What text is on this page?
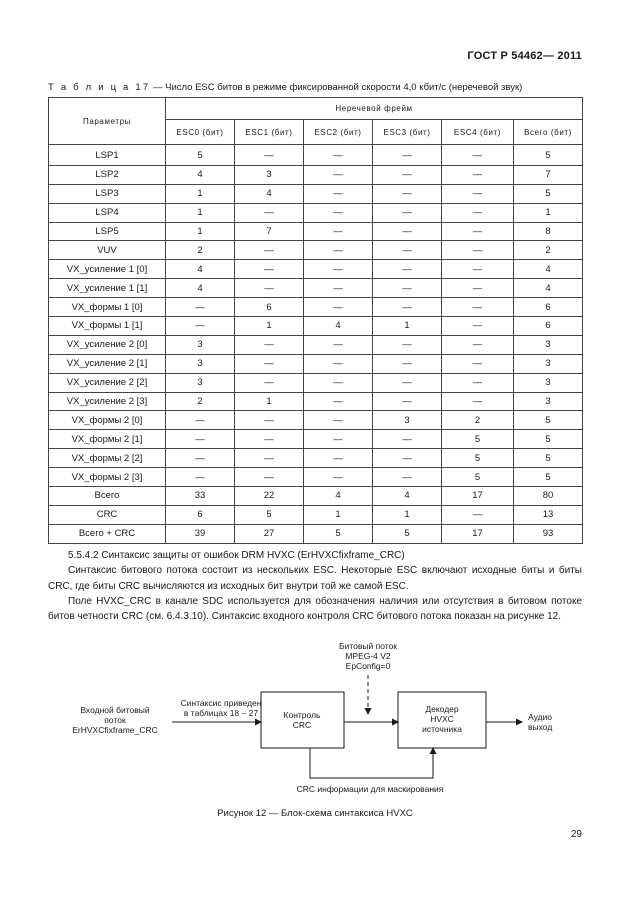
ГОСТ Р 54462— 2011
Т а б л и ц а 17 — Число ESC битов в режиме фиксированной скорости 4,0 кбит/с (неречевой звук)
Параметры	Неречевой фрейм					
	ESC0 (бит)	ESC1 (бит)	ESC2 (бит)	ESC3 (бит)	ESC4 (бит)	Всего (бит)
LSP1	5	—	—	—	—	5
LSP2	4	3	—	—	—	7
LSP3	1	4	—	—	—	5
LSP4	1	—	—	—	—	1
LSP5	1	7	—	—	—	8
VUV	2	—	—	—	—	2
VX_усиление 1 [0]	4	—	—	—	—	4
VX_усиление 1 [1]	4	—	—	—	—	4
VX_формы 1 [0]	—	6	—	—	—	6
VX_формы 1 [1]	—	1	4	1	—	6
VX_усиление 2 [0]	3	—	—	—	—	3
VX_усиление 2 [1]	3	—	—	—	—	3
VX_усиление 2 [2]	3	—	—	—	—	3
VX_усиление 2 [3]	2	1	—	—	—	3
VX_формы 2 [0]	—	—	—	3	2	5
VX_формы 2 [1]	—	—	—	—	5	5
VX_формы 2 [2]	—	—	—	—	5	5
VX_формы 2 [3]	—	—	—	—	5	5
Всего	33	22	4	4	17	80
CRC	6	5	1	1	—	13
Всего + CRC	39	27	5	5	17	93

5.5.4.2 Синтаксис защиты от ошибок DRM HVXC (ErHVXCfixframe_CRC)

Синтаксис битового потока состоит из нескольких ESC. Некоторые ESC включают исходные биты и биты CRC, где биты CRC вычисляются из исходных бит внутри той же самой ESC.

Поле HVXC_CRC в канале SDC используется для обозначения наличия или отсутствия в битовом потоке битов четности CRC (см. 6.4.3.10). Синтаксис входного контроля CRC битового потока показан на рисунке 12.

Битовый поток
MPEG-4 V2
EpConfig=0
Входной битовый
поток
ErHVXCfixframe_CRC
Синтаксис приведен
в таблицах 18 – 27	Контроль
CRC
Декодер
HVXC
источника
Аудио
выход
CRC информации для маскирования
Рисунок 12 — Блок-схема синтаксиса HVXC
29
